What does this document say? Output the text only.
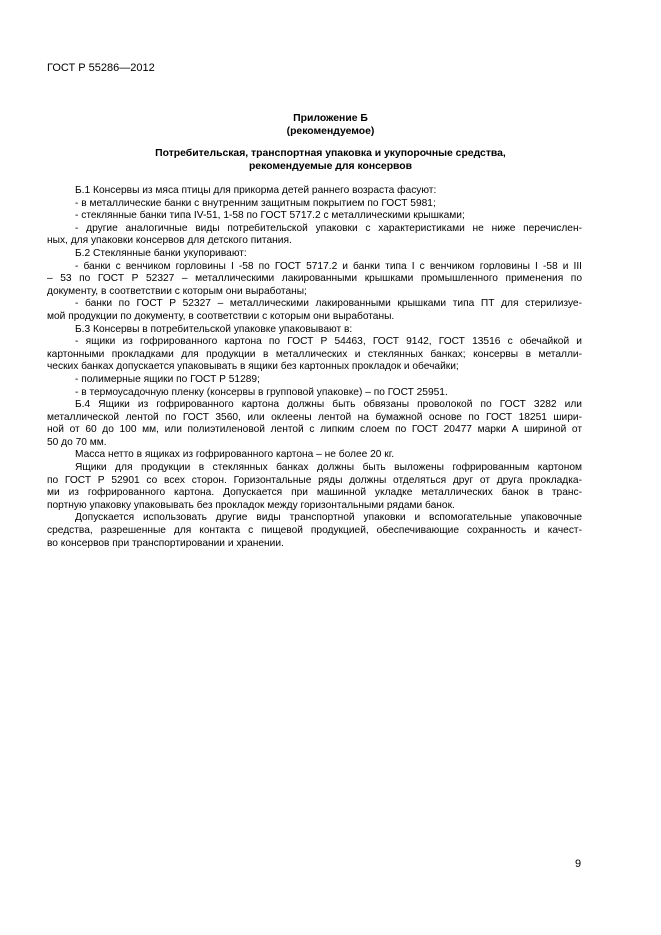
ГОСТ Р 55286—2012
Приложение Б
(рекомендуемое)
Потребительская, транспортная упаковка и укупорочные средства,
рекомендуемые для консервов
Б.1 Консервы из мяса птицы для прикорма детей раннего возраста фасуют:
- в металлические банки с внутренним защитным покрытием по ГОСТ 5981;
- стеклянные банки типа IV-51, 1-58 по ГОСТ 5717.2 с металлическими крышками;
- другие аналогичные виды потребительской упаковки с характеристиками не ниже перечислен-
ных, для упаковки консервов для детского питания.
Б.2 Стеклянные банки укупоривают:
- банки с венчиком горловины I -58 по ГОСТ 5717.2 и банки типа I с венчиком горловины I -58 и III
– 53 по ГОСТ Р 52327 – металлическими лакированными крышками промышленного применения по
документу, в соответствии с которым они выработаны;
- банки по ГОСТ Р 52327 – металлическими лакированными крышками типа ПТ для стерилизуе-
мой продукции по документу, в соответствии с которым они выработаны.
Б.3 Консервы в потребительской упаковке упаковывают в:
- ящики из гофрированного картона по ГОСТ Р 54463, ГОСТ 9142, ГОСТ 13516 с обечайкой и
картонными прокладками для продукции в металлических и стеклянных банках; консервы в металли-
ческих банках допускается упаковывать в ящики без картонных прокладок и обечайки;
- полимерные ящики по ГОСТ Р 51289;
- в термоусадочную пленку (консервы в групповой упаковке) – по ГОСТ 25951.
Б.4 Ящики из гофрированного картона должны быть обвязаны проволокой по ГОСТ 3282 или
металлической лентой по ГОСТ 3560, или оклеены лентой на бумажной основе по ГОСТ 18251 шири-
ной от 60 до 100 мм, или полиэтиленовой лентой с липким слоем по ГОСТ 20477 марки А шириной от
50 до 70 мм.
Масса нетто в ящиках из гофрированного картона – не более 20 кг.
Ящики для продукции в стеклянных банках должны быть выложены гофрированным картоном
по ГОСТ Р 52901 со всех сторон. Горизонтальные ряды должны отделяться друг от друга прокладка-
ми из гофрированного картона. Допускается при машинной укладке металлических банок в транс-
портную упаковку упаковывать без прокладок между горизонтальными рядами банок.
Допускается использовать другие виды транспортной упаковки и вспомогательные упаковочные
средства, разрешенные для контакта с пищевой продукцией, обеспечивающие сохранность и качест-
во консервов при транспортировании и хранении.
9
